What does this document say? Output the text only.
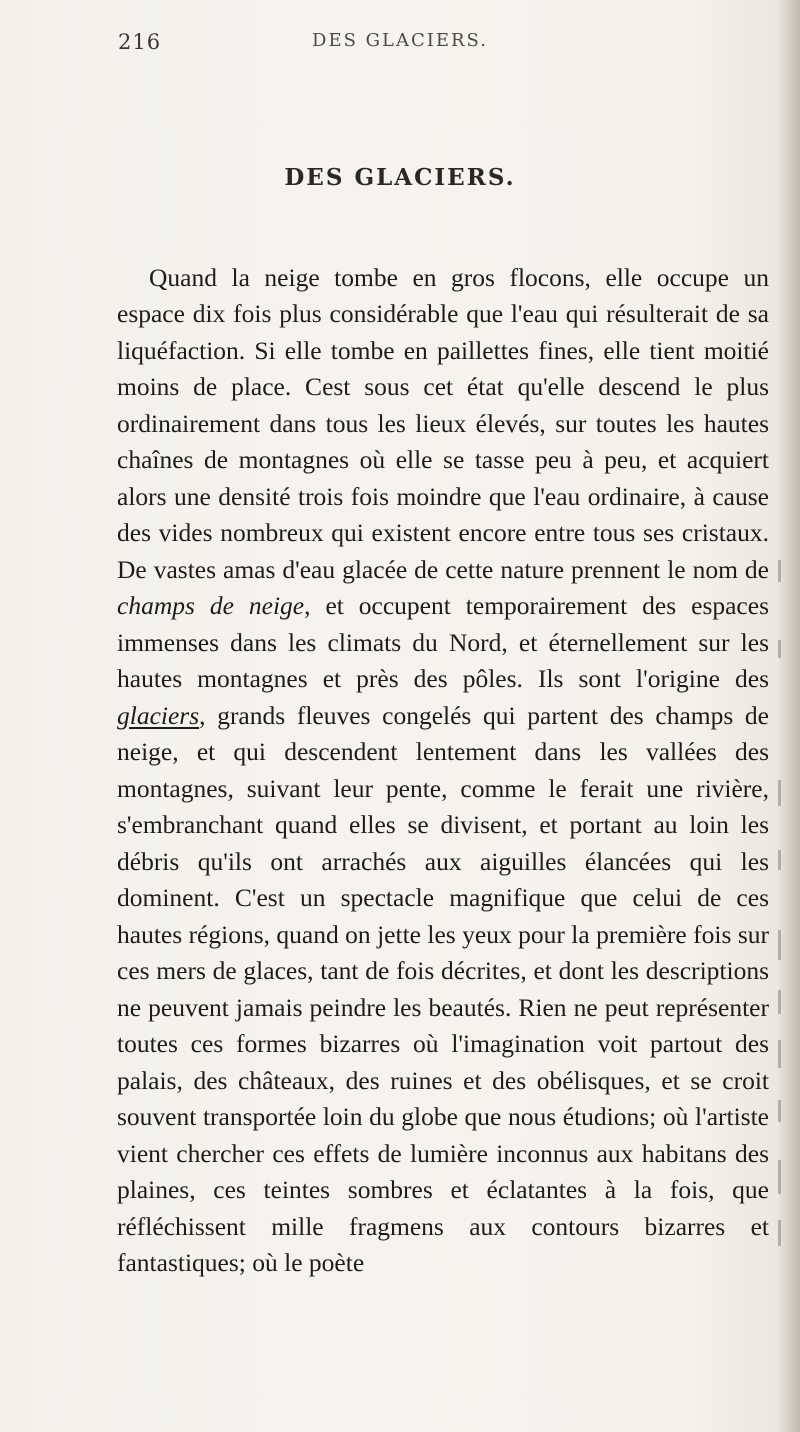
216	DES GLACIERS.
DES GLACIERS.

Quand la neige tombe en gros flocons, elle occupe un espace dix fois plus considérable que l'eau qui résulterait de sa liquéfaction. Si elle tombe en paillettes fines, elle tient moitié moins de place. Cest sous cet état qu'elle descend le plus ordinairement dans tous les lieux élevés, sur toutes les hautes chaînes de montagnes où elle se tasse peu à peu, et acquiert alors une densité trois fois moindre que l'eau ordinaire, à cause des vides nombreux qui existent encore entre tous ses cristaux. De vastes amas d'eau glacée de cette nature prennent le nom de champs de neige, et occupent temporairement des espaces immenses dans les climats du Nord, et éternellement sur les hautes montagnes et près des pôles. Ils sont l'origine des glaciers, grands fleuves congelés qui partent des champs de neige, et qui descendent lentement dans les vallées des montagnes, suivant leur pente, comme le ferait une rivière, s'embranchant quand elles se divisent, et portant au loin les débris qu'ils ont arrachés aux aiguilles élancées qui les dominent. C'est un spectacle magnifique que celui de ces hautes régions, quand on jette les yeux pour la première fois sur ces mers de glaces, tant de fois décrites, et dont les descriptions ne peuvent jamais peindre les beautés. Rien ne peut représenter toutes ces formes bizarres où l'imagination voit partout des palais, des châteaux, des ruines et des obélisques, et se croit souvent transportée loin du globe que nous étudions; où l'artiste vient chercher ces effets de lumière inconnus aux habitans des plaines, ces teintes sombres et éclatantes à la fois, que réfléchissent mille fragmens aux contours bizarres et fantastiques; où le poète
